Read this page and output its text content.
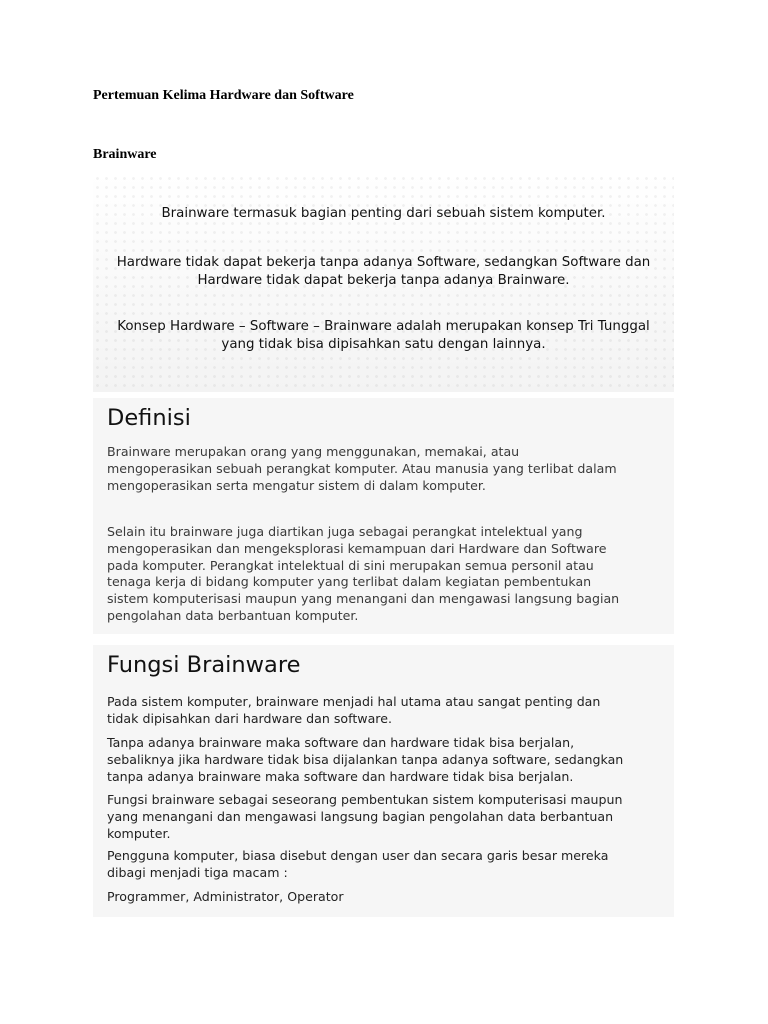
Pertemuan Kelima Hardware dan Software
Brainware

Brainware termasuk bagian penting dari sebuah sistem komputer.

Hardware tidak dapat bekerja tanpa adanya Software, sedangkan Software dan
Hardware tidak dapat bekerja tanpa adanya Brainware.

Konsep Hardware – Software – Brainware adalah merupakan konsep Tri Tunggal
yang tidak bisa dipisahkan satu dengan lainnya.

Definisi

Brainware merupakan orang yang menggunakan, memakai, atau
mengoperasikan sebuah perangkat komputer. Atau manusia yang terlibat dalam
mengoperasikan serta mengatur sistem di dalam komputer.

Selain itu brainware juga diartikan juga sebagai perangkat intelektual yang
mengoperasikan dan mengeksplorasi kemampuan dari Hardware dan Software
pada komputer. Perangkat intelektual di sini merupakan semua personil atau
tenaga kerja di bidang komputer yang terlibat dalam kegiatan pembentukan
sistem komputerisasi maupun yang menangani dan mengawasi langsung bagian
pengolahan data berbantuan komputer.

Fungsi Brainware

Pada sistem komputer, brainware menjadi hal utama atau sangat penting dan
tidak dipisahkan dari hardware dan software.

Tanpa adanya brainware maka software dan hardware tidak bisa berjalan,
sebaliknya jika hardware tidak bisa dijalankan tanpa adanya software, sedangkan
tanpa adanya brainware maka software dan hardware tidak bisa berjalan.

Fungsi brainware sebagai seseorang pembentukan sistem komputerisasi maupun
yang menangani dan mengawasi langsung bagian pengolahan data berbantuan
komputer.

Pengguna komputer, biasa disebut dengan user dan secara garis besar mereka
dibagi menjadi tiga macam :

Programmer, Administrator, Operator
